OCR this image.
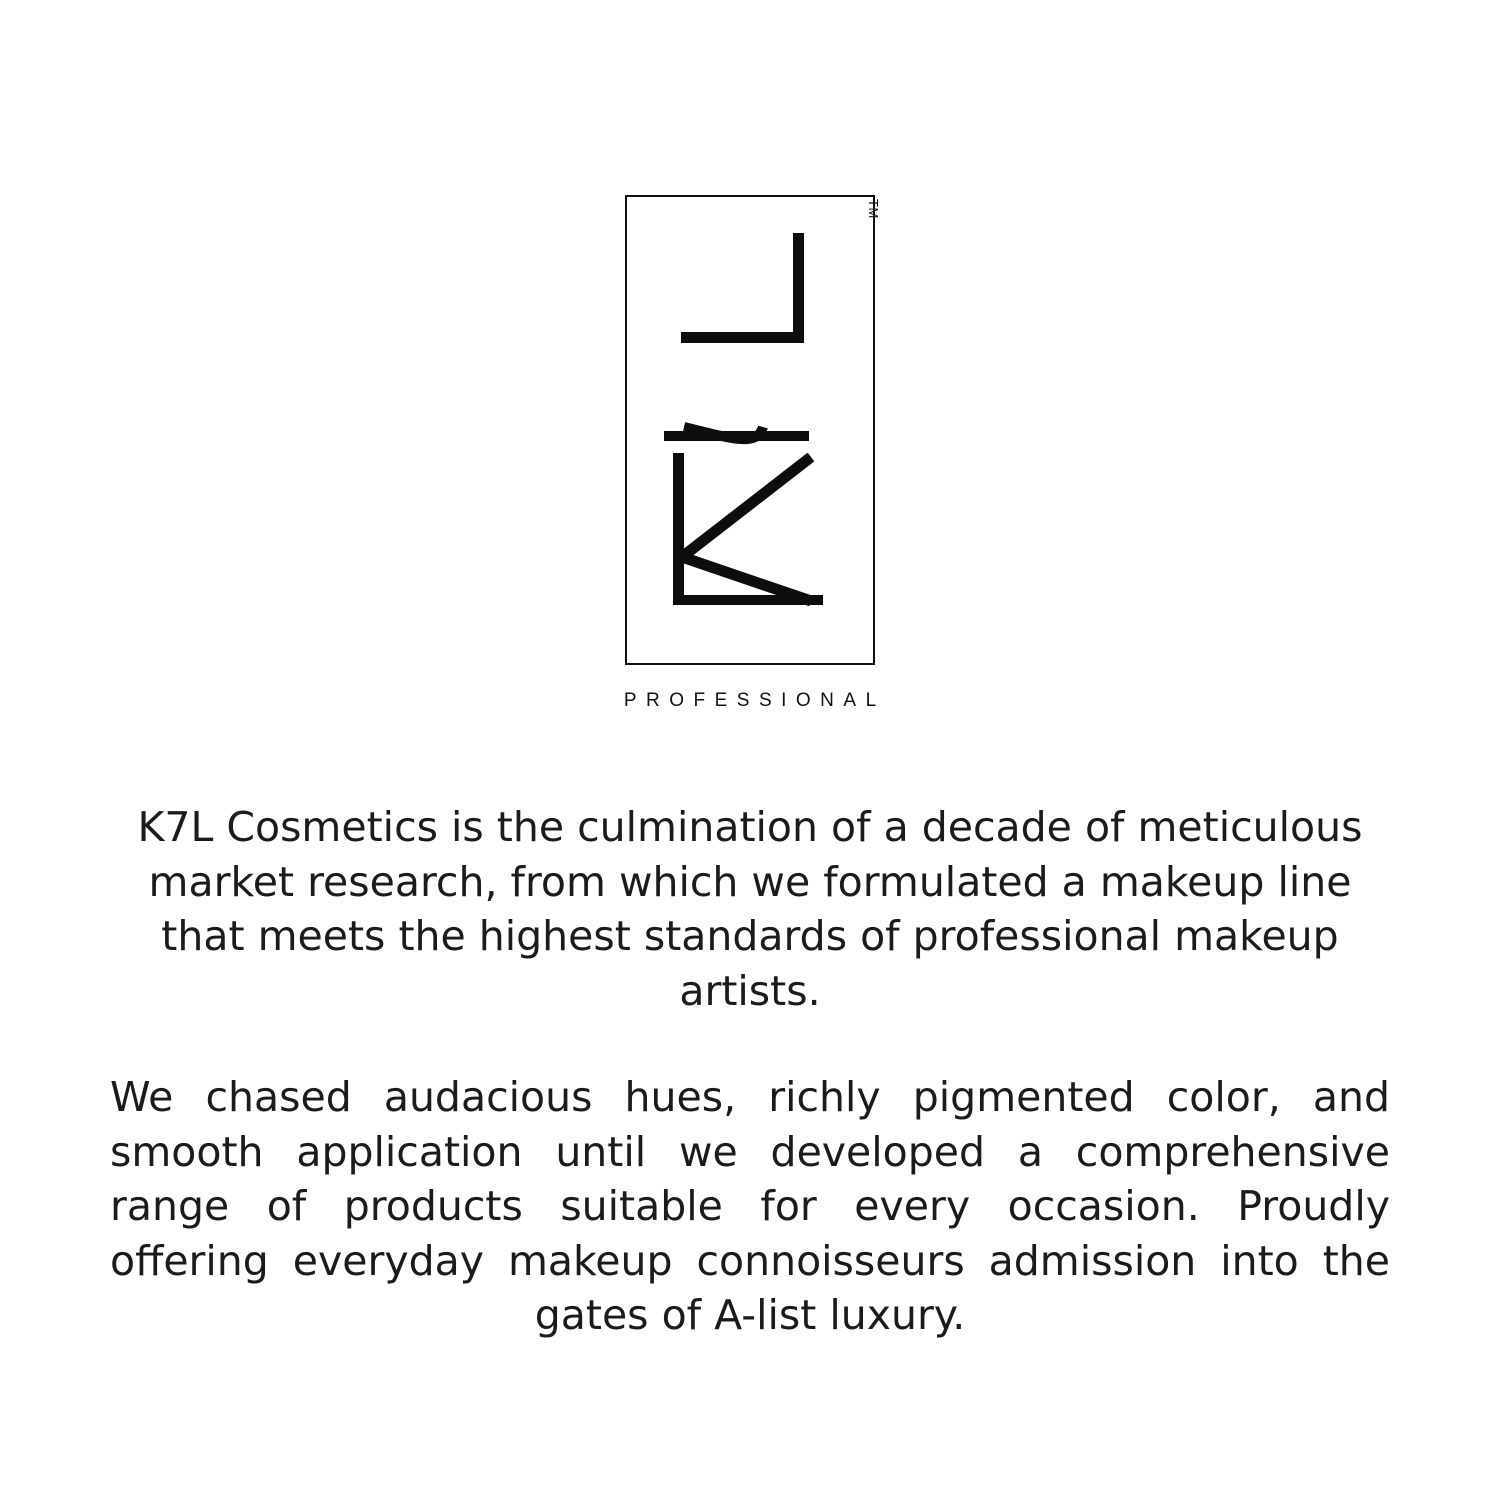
TM
PROFESSIONAL

K7L Cosmetics is the culmination of a decade of meticulous market research, from which we formulated a makeup line that meets the highest standards of professional makeup artists.

We chased audacious hues, richly pigmented color, and smooth application until we developed a comprehensive range of products suitable for every occasion. Proudly offering everyday makeup connoisseurs admission into the gates of A-list luxury.
